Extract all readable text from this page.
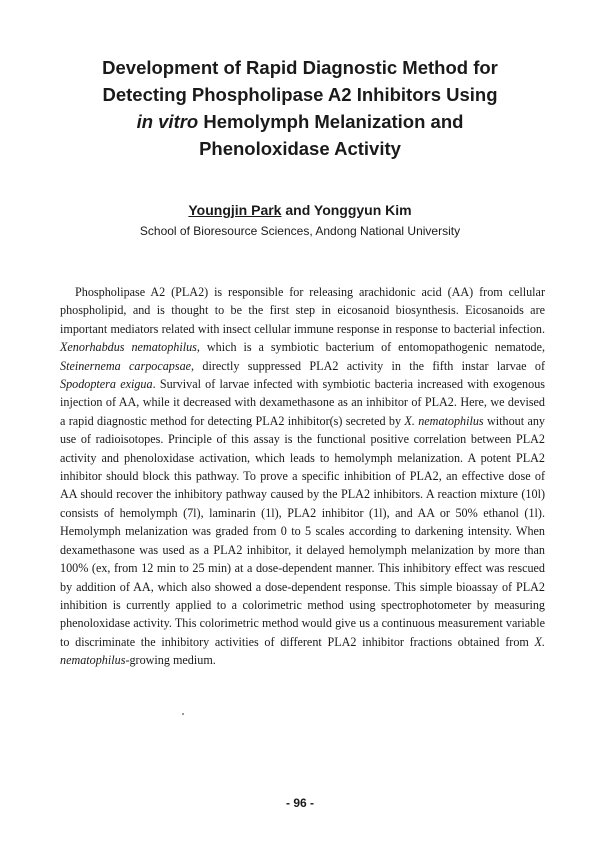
Development of Rapid Diagnostic Method for
Detecting Phospholipase A2 Inhibitors Using
in vitro Hemolymph Melanization and
Phenoloxidase Activity
Youngjin Park and Yonggyun Kim
School of Bioresource Sciences, Andong National University
Phospholipase A2 (PLA2) is responsible for releasing arachidonic acid (AA) from cellular phospholipid, and is thought to be the first step in eicosanoid biosynthesis. Eicosanoids are important mediators related with insect cellular immune response in response to bacterial infection. Xenorhabdus nematophilus, which is a symbiotic bacterium of entomopathogenic nematode, Steinernema carpocapsae, directly suppressed PLA2 activity in the fifth instar larvae of Spodoptera exigua. Survival of larvae infected with symbiotic bacteria increased with exogenous injection of AA, while it decreased with dexamethasone as an inhibitor of PLA2. Here, we devised a rapid diagnostic method for detecting PLA2 inhibitor(s) secreted by X. nematophilus without any use of radioisotopes. Principle of this assay is the functional positive correlation between PLA2 activity and phenoloxidase activation, which leads to hemolymph melanization. A potent PLA2 inhibitor should block this pathway. To prove a specific inhibition of PLA2, an effective dose of AA should recover the inhibitory pathway caused by the PLA2 inhibitors. A reaction mixture (10l) consists of hemolymph (7l), laminarin (1l), PLA2 inhibitor (1l), and AA or 50% ethanol (1l). Hemolymph melanization was graded from 0 to 5 scales according to darkening intensity. When dexamethasone was used as a PLA2 inhibitor, it delayed hemolymph melanization by more than 100% (ex, from 12 min to 25 min) at a dose-dependent manner. This inhibitory effect was rescued by addition of AA, which also showed a dose-dependent response. This simple bioassay of PLA2 inhibition is currently applied to a colorimetric method using spectrophotometer by measuring phenoloxidase activity. This colorimetric method would give us a continuous measurement variable to discriminate the inhibitory activities of different PLA2 inhibitor fractions obtained from X. nematophilus-growing medium.
- 96 -
